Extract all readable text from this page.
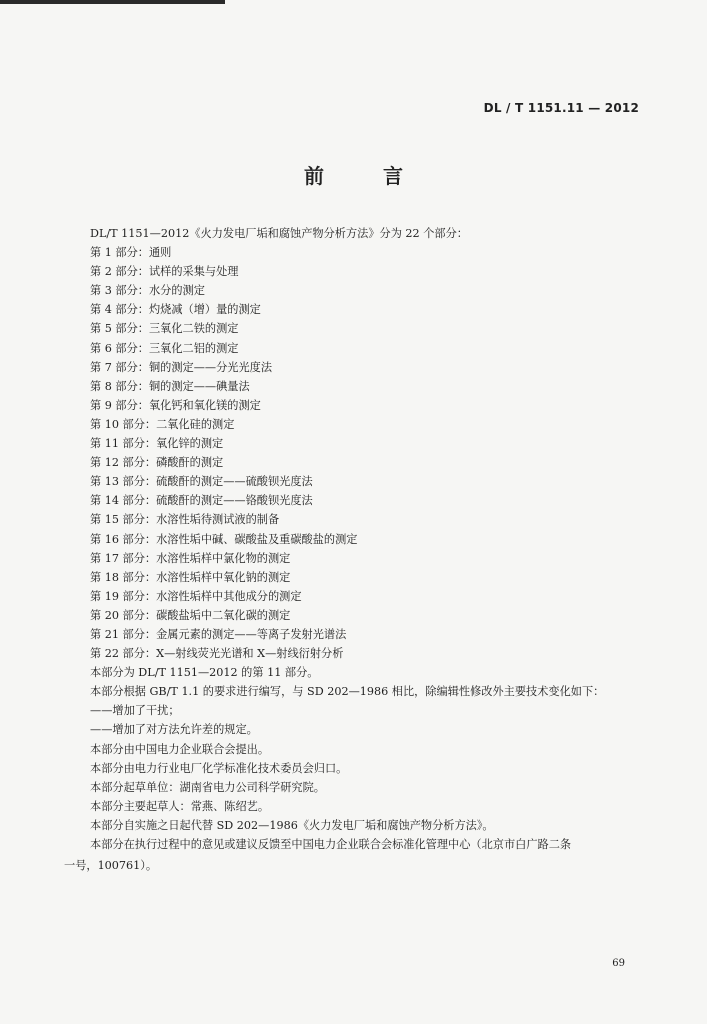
DL / T 1151.11 — 2012
前 言
DL/T 1151—2012《火力发电厂垢和腐蚀产物分析方法》分为 22 个部分：
第 1 部分：通则
第 2 部分：试样的采集与处理
第 3 部分：水分的测定
第 4 部分：灼烧减（增）量的测定
第 5 部分：三氧化二铁的测定
第 6 部分：三氧化二铝的测定
第 7 部分：铜的测定——分光光度法
第 8 部分：铜的测定——碘量法
第 9 部分：氧化钙和氧化镁的测定
第 10 部分：二氧化硅的测定
第 11 部分：氧化锌的测定
第 12 部分：磷酸酐的测定
第 13 部分：硫酸酐的测定——硫酸钡光度法
第 14 部分：硫酸酐的测定——铬酸钡光度法
第 15 部分：水溶性垢待测试液的制备
第 16 部分：水溶性垢中碱、碳酸盐及重碳酸盐的测定
第 17 部分：水溶性垢样中氯化物的测定
第 18 部分：水溶性垢样中氧化钠的测定
第 19 部分：水溶性垢样中其他成分的测定
第 20 部分：碳酸盐垢中二氧化碳的测定
第 21 部分：金属元素的测定——等离子发射光谱法
第 22 部分：X—射线荧光光谱和 X—射线衍射分析
本部分为 DL/T 1151—2012 的第 11 部分。
本部分根据 GB/T 1.1 的要求进行编写，与 SD 202—1986 相比，除编辑性修改外主要技术变化如下：
——增加了干扰；
——增加了对方法允许差的规定。
本部分由中国电力企业联合会提出。
本部分由电力行业电厂化学标准化技术委员会归口。
本部分起草单位：湖南省电力公司科学研究院。
本部分主要起草人：常燕、陈绍艺。
本部分自实施之日起代替 SD 202—1986《火力发电厂垢和腐蚀产物分析方法》。
本部分在执行过程中的意见或建议反馈至中国电力企业联合会标准化管理中心（北京市白广路二条
一号，100761）。
69
